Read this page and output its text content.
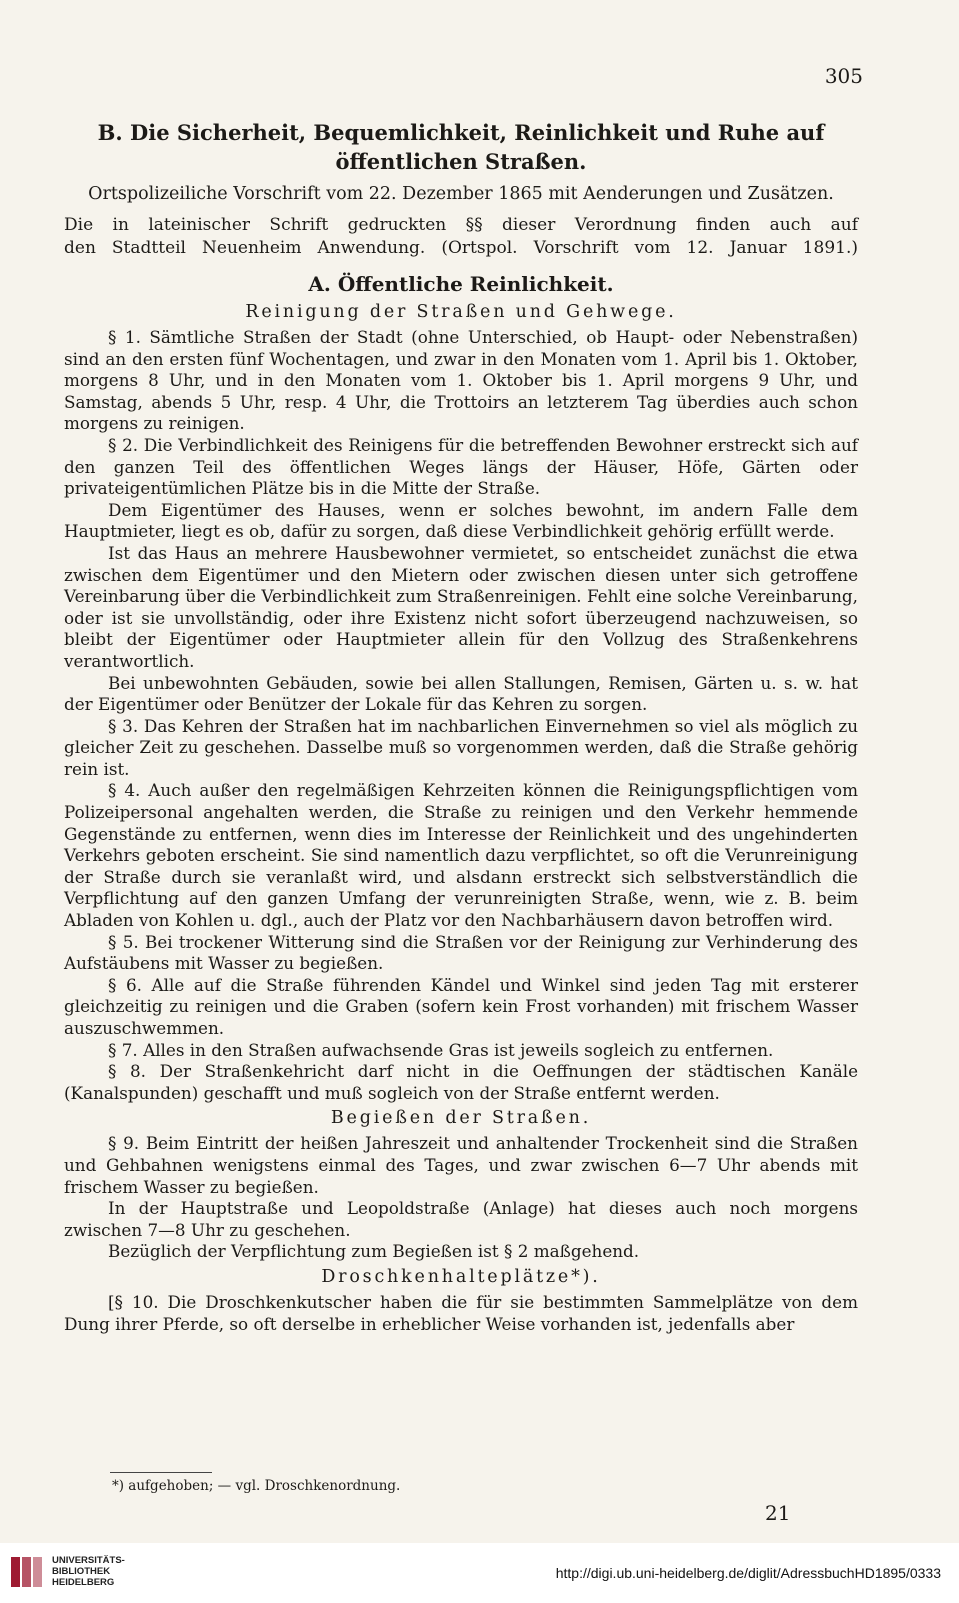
305
B. Die Sicherheit, Bequemlichkeit, Reinlichkeit und Ruhe auf öffentlichen Straßen.
Ortspolizeiliche Vorschrift vom 22. Dezember 1865 mit Aenderungen und Zusätzen.
Die in lateinischer Schrift gedruckten §§ dieser Verordnung finden auch auf
den Stadtteil Neuenheim Anwendung. (Ortspol. Vorschrift vom 12. Januar 1891.)
A. Öffentliche Reinlichkeit.
Reinigung der Straßen und Gehwege.

§ 1. Sämtliche Straßen der Stadt (ohne Unterschied, ob Haupt- oder Nebenstraßen) sind an den ersten fünf Wochentagen, und zwar in den Monaten vom 1. April bis 1. Oktober, morgens 8 Uhr, und in den Monaten vom 1. Oktober bis 1. April morgens 9 Uhr, und Samstag, abends 5 Uhr, resp. 4 Uhr, die Trottoirs an letzterem Tag überdies auch schon morgens zu reinigen.

§ 2. Die Verbindlichkeit des Reinigens für die betreffenden Bewohner erstreckt sich auf den ganzen Teil des öffentlichen Weges längs der Häuser, Höfe, Gärten oder privateigentümlichen Plätze bis in die Mitte der Straße.

Dem Eigentümer des Hauses, wenn er solches bewohnt, im andern Falle dem Hauptmieter, liegt es ob, dafür zu sorgen, daß diese Verbindlichkeit gehörig erfüllt werde.

Ist das Haus an mehrere Hausbewohner vermietet, so entscheidet zunächst die etwa zwischen dem Eigentümer und den Mietern oder zwischen diesen unter sich getroffene Vereinbarung über die Verbindlichkeit zum Straßenreinigen. Fehlt eine solche Vereinbarung, oder ist sie unvollständig, oder ihre Existenz nicht sofort überzeugend nachzuweisen, so bleibt der Eigentümer oder Hauptmieter allein für den Vollzug des Straßenkehrens verantwortlich.

Bei unbewohnten Gebäuden, sowie bei allen Stallungen, Remisen, Gärten u. s. w. hat der Eigentümer oder Benützer der Lokale für das Kehren zu sorgen.

§ 3. Das Kehren der Straßen hat im nachbarlichen Einvernehmen so viel als möglich zu gleicher Zeit zu geschehen. Dasselbe muß so vorgenommen werden, daß die Straße gehörig rein ist.

§ 4. Auch außer den regelmäßigen Kehrzeiten können die Reinigungspflichtigen vom Polizeipersonal angehalten werden, die Straße zu reinigen und den Verkehr hemmende Gegenstände zu entfernen, wenn dies im Interesse der Reinlichkeit und des ungehinderten Verkehrs geboten erscheint. Sie sind namentlich dazu verpflichtet, so oft die Verunreinigung der Straße durch sie veranlaßt wird, und alsdann erstreckt sich selbstverständlich die Verpflichtung auf den ganzen Umfang der verunreinigten Straße, wenn, wie z. B. beim Abladen von Kohlen u. dgl., auch der Platz vor den Nachbarhäusern davon betroffen wird.

§ 5. Bei trockener Witterung sind die Straßen vor der Reinigung zur Verhinderung des Aufstäubens mit Wasser zu begießen.

§ 6. Alle auf die Straße führenden Kändel und Winkel sind jeden Tag mit ersterer gleichzeitig zu reinigen und die Graben (sofern kein Frost vorhanden) mit frischem Wasser auszuschwemmen.

§ 7. Alles in den Straßen aufwachsende Gras ist jeweils sogleich zu entfernen.

§ 8. Der Straßenkehricht darf nicht in die Oeffnungen der städtischen Kanäle (Kanalspunden) geschafft und muß sogleich von der Straße entfernt werden.

Begießen der Straßen.

§ 9. Beim Eintritt der heißen Jahreszeit und anhaltender Trockenheit sind die Straßen und Gehbahnen wenigstens einmal des Tages, und zwar zwischen 6—7 Uhr abends mit frischem Wasser zu begießen.

In der Hauptstraße und Leopoldstraße (Anlage) hat dieses auch noch morgens zwischen 7—8 Uhr zu geschehen.

Bezüglich der Verpflichtung zum Begießen ist § 2 maßgehend.

Droschkenhalteplätze*).

[§ 10. Die Droschkenkutscher haben die für sie bestimmten Sammelplätze von dem Dung ihrer Pferde, so oft derselbe in erheblicher Weise vorhanden ist, jedenfalls aber

*) aufgehoben; — vgl. Droschkenordnung.
21
UNIVERSITÄTS-
BIBLIOTHEK
HEIDELBERG
http://digi.ub.uni-heidelberg.de/diglit/AdressbuchHD1895/0333
